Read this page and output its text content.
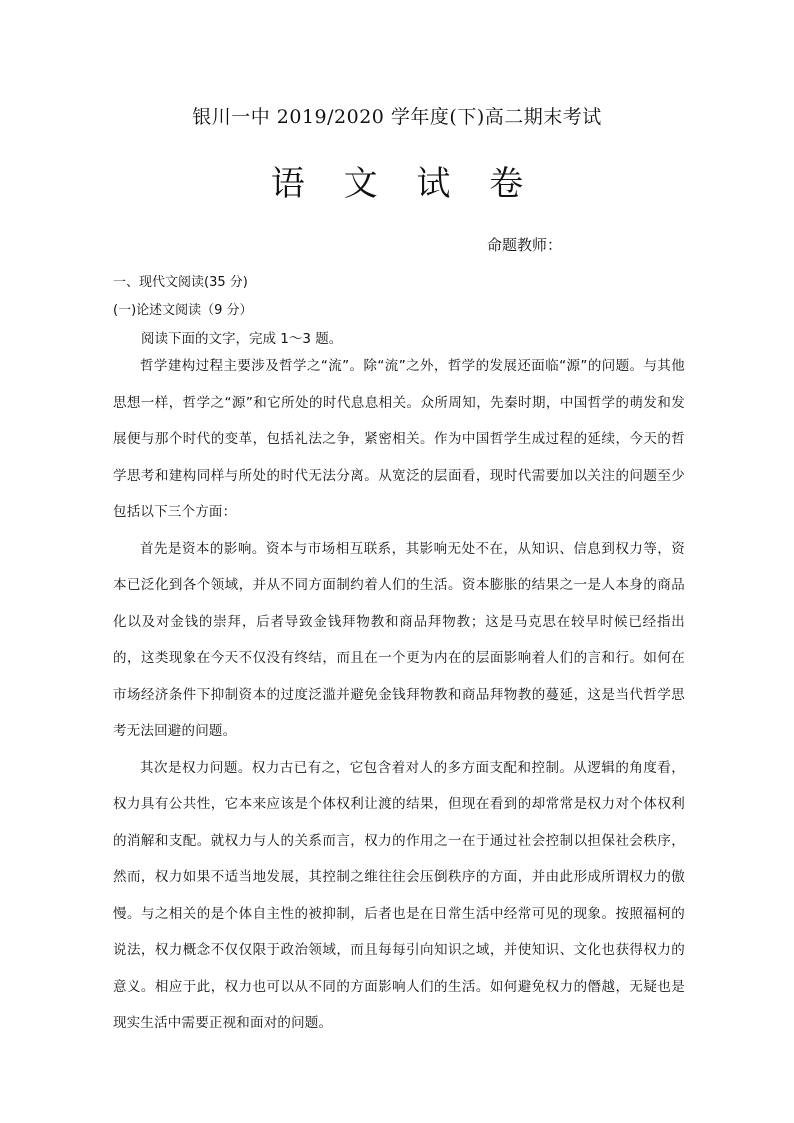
银川一中 2019/2020 学年度(下)高二期末考试
语 文 试 卷
命题教师：
一、现代文阅读(35 分)
(一)论述文阅读（9 分）
阅读下面的文字，完成 1～3 题。

哲学建构过程主要涉及哲学之“流”。除“流”之外，哲学的发展还面临“源”的问题。与其他思想一样，哲学之“源”和它所处的时代息息相关。众所周知，先秦时期，中国哲学的萌发和发展便与那个时代的变革，包括礼法之争，紧密相关。作为中国哲学生成过程的延续，今天的哲学思考和建构同样与所处的时代无法分离。从宽泛的层面看，现时代需要加以关注的问题至少包括以下三个方面：

首先是资本的影响。资本与市场相互联系，其影响无处不在，从知识、信息到权力等，资本已泛化到各个领域，并从不同方面制约着人们的生活。资本膨胀的结果之一是人本身的商品化以及对金钱的崇拜，后者导致金钱拜物教和商品拜物教；这是马克思在较早时候已经指出的，这类现象在今天不仅没有终结，而且在一个更为内在的层面影响着人们的言和行。如何在市场经济条件下抑制资本的过度泛滥并避免金钱拜物教和商品拜物教的蔓延，这是当代哲学思考无法回避的问题。

其次是权力问题。权力古已有之，它包含着对人的多方面支配和控制。从逻辑的角度看，权力具有公共性，它本来应该是个体权利让渡的结果，但现在看到的却常常是权力对个体权利的消解和支配。就权力与人的关系而言，权力的作用之一在于通过社会控制以担保社会秩序，然而，权力如果不适当地发展，其控制之维往往会压倒秩序的方面，并由此形成所谓权力的傲慢。与之相关的是个体自主性的被抑制，后者也是在日常生活中经常可见的现象。按照福柯的说法，权力概念不仅仅限于政治领域，而且每每引向知识之域，并使知识、文化也获得权力的意义。相应于此，权力也可以从不同的方面影响人们的生活。如何避免权力的僭越，无疑也是现实生活中需要正视和面对的问题。
